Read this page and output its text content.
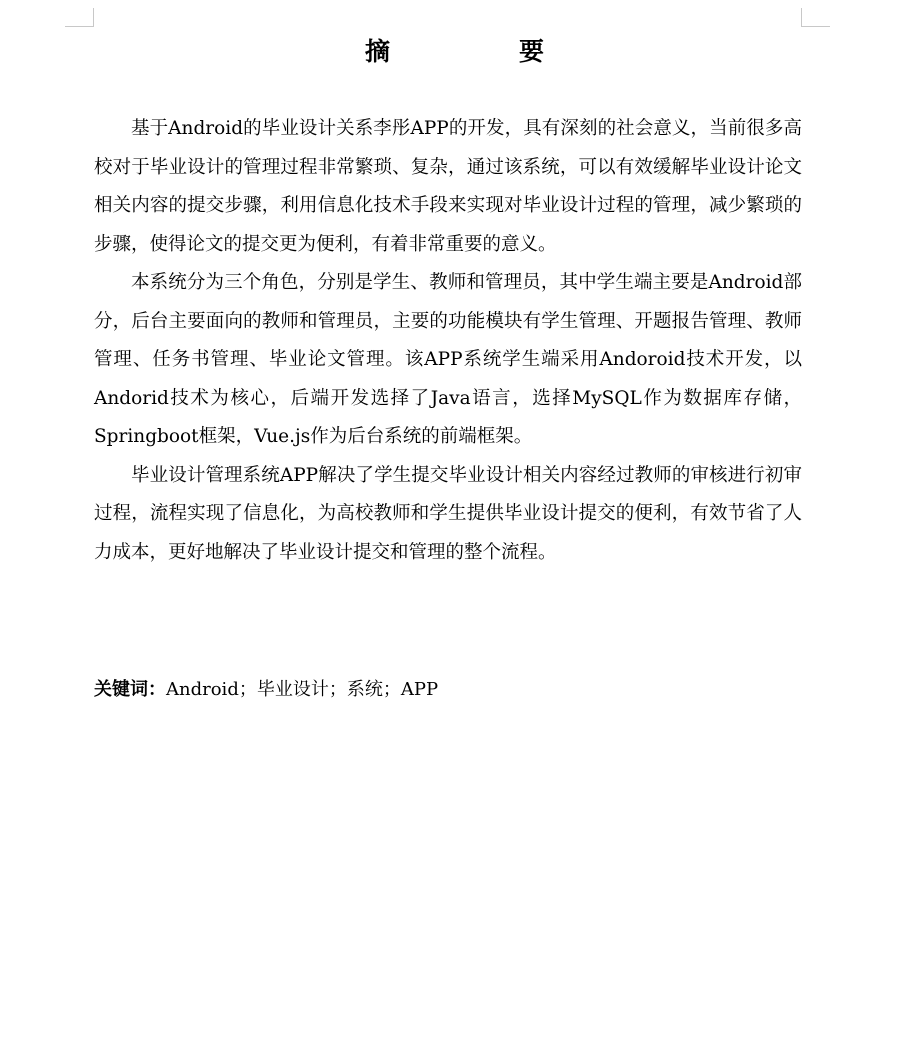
摘　要

基于Android的毕业设计关系李彤APP的开发，具有深刻的社会意义，当前很多高校对于毕业设计的管理过程非常繁琐、复杂，通过该系统，可以有效缓解毕业设计论文相关内容的提交步骤，利用信息化技术手段来实现对毕业设计过程的管理，减少繁琐的步骤，使得论文的提交更为便利，有着非常重要的意义。

本系统分为三个角色，分别是学生、教师和管理员，其中学生端主要是Android部分，后台主要面向的教师和管理员，主要的功能模块有学生管理、开题报告管理、教师管理、任务书管理、毕业论文管理。该APP系统学生端采用Andoroid技术开发，以Andorid技术为核心，后端开发选择了Java语言，选择MySQL作为数据库存储，Springboot框架，Vue.js作为后台系统的前端框架。

毕业设计管理系统APP解决了学生提交毕业设计相关内容经过教师的审核进行初审过程，流程实现了信息化，为高校教师和学生提供毕业设计提交的便利，有效节省了人力成本，更好地解决了毕业设计提交和管理的整个流程。

关键词：Android；毕业设计；系统；APP
